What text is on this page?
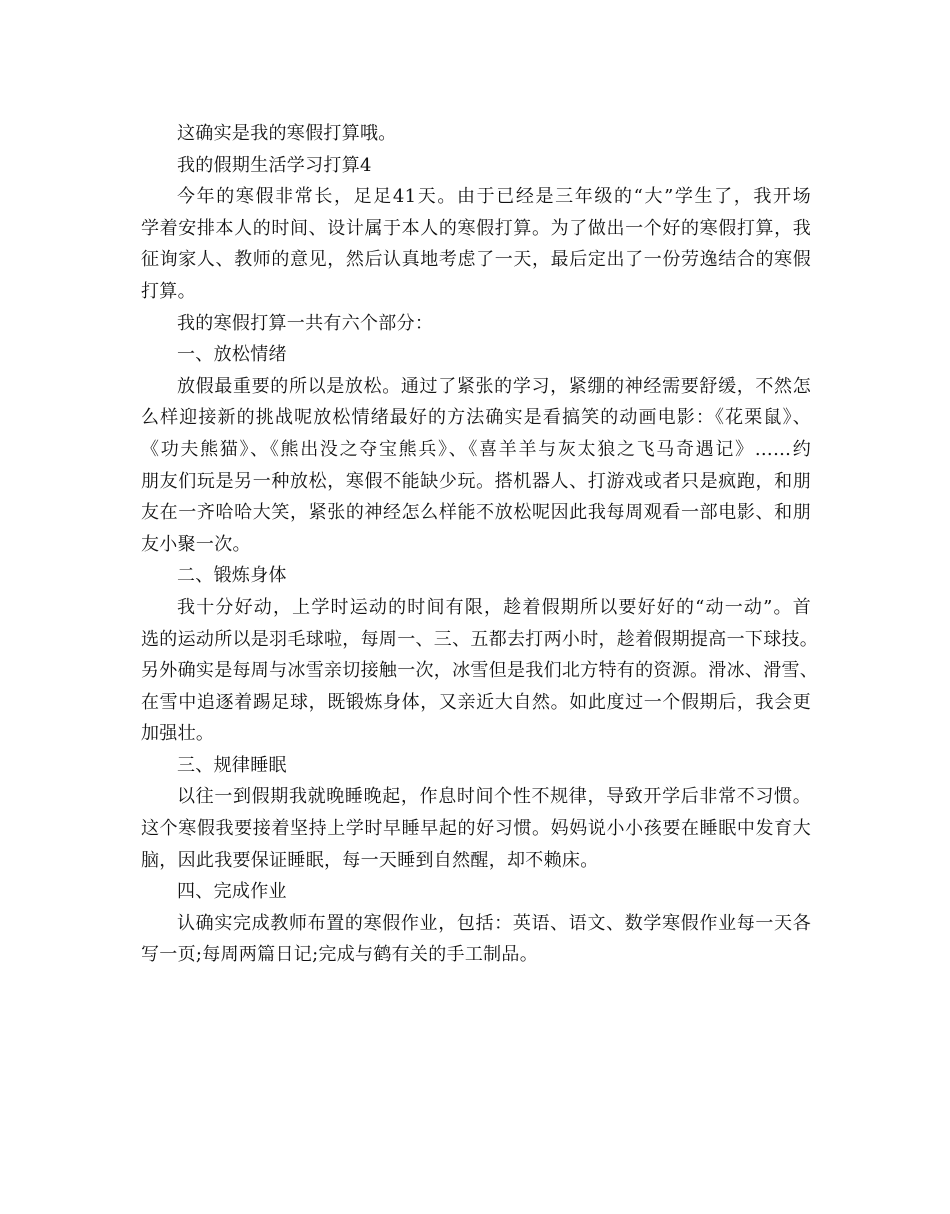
这确实是我的寒假打算哦。
我的假期生活学习打算4
今年的寒假非常长，足足41天。由于已经是三年级的“大”学生了，我开场
学着安排本人的时间、设计属于本人的寒假打算。为了做出一个好的寒假打算，我
征询家人、教师的意见，然后认真地考虑了一天，最后定出了一份劳逸结合的寒假
打算。
我的寒假打算一共有六个部分：
一、放松情绪
放假最重要的所以是放松。通过了紧张的学习，紧绷的神经需要舒缓，不然怎
么样迎接新的挑战呢放松情绪最好的方法确实是看搞笑的动画电影：《花栗鼠》、
《功夫熊猫》、《熊出没之夺宝熊兵》、《喜羊羊与灰太狼之飞马奇遇记》……约
朋友们玩是另一种放松，寒假不能缺少玩。搭机器人、打游戏或者只是疯跑，和朋
友在一齐哈哈大笑，紧张的神经怎么样能不放松呢因此我每周观看一部电影、和朋
友小聚一次。
二、锻炼身体
我十分好动，上学时运动的时间有限，趁着假期所以要好好的“动一动”。首
选的运动所以是羽毛球啦，每周一、三、五都去打两小时，趁着假期提高一下球技。
另外确实是每周与冰雪亲切接触一次，冰雪但是我们北方特有的资源。滑冰、滑雪、
在雪中追逐着踢足球，既锻炼身体，又亲近大自然。如此度过一个假期后，我会更
加强壮。
三、规律睡眠
以往一到假期我就晚睡晚起，作息时间个性不规律，导致开学后非常不习惯。
这个寒假我要接着坚持上学时早睡早起的好习惯。妈妈说小小孩要在睡眠中发育大
脑，因此我要保证睡眠，每一天睡到自然醒，却不赖床。
四、完成作业
认确实完成教师布置的寒假作业，包括：英语、语文、数学寒假作业每一天各
写一页;每周两篇日记;完成与鹤有关的手工制品。
